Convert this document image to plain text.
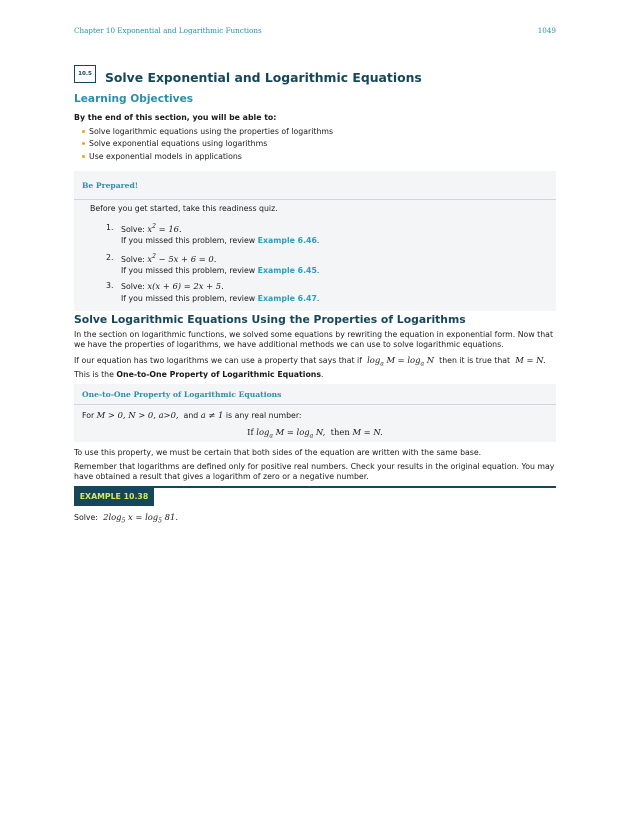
Chapter 10 Exponential and Logarithmic Functions	1049
10.5	Solve Exponential and Logarithmic Equations
Learning Objectives
By the end of this section, you will be able to:
Solve logarithmic equations using the properties of logarithms
Solve exponential equations using logarithms
Use exponential models in applications
Be Prepared!
Before you get started, take this readiness quiz.
1. Solve: $x^2 = 16$.
If you missed this problem, review Example 6.46.
2. Solve: $x^2 - 5x + 6 = 0$.
If you missed this problem, review Example 6.45.
3. Solve: x(x + 6) = 2x + 5.
If you missed this problem, review Example 6.47.
Solve Logarithmic Equations Using the Properties of Logarithms
In the section on logarithmic functions, we solved some equations by rewriting the equation in exponential form. Now that we have the properties of logarithms, we have additional methods we can use to solve logarithmic equations.
If our equation has two logarithms we can use a property that says that if  $\log_a M = \log_a N$  then it is true that  M = N.
This is the One-to-One Property of Logarithmic Equations.
One-to-One Property of Logarithmic Equations
For M > 0, N > 0, a>0, and a ≠ 1 is any real number:
If $\log_a M = \log_a N$, then M = N.
To use this property, we must be certain that both sides of the equation are written with the same base.
Remember that logarithms are defined only for positive real numbers. Check your results in the original equation. You may have obtained a result that gives a logarithm of zero or a negative number.
EXAMPLE 10.38
Solve: $2\log_5$ $x = \log_5 81$.
